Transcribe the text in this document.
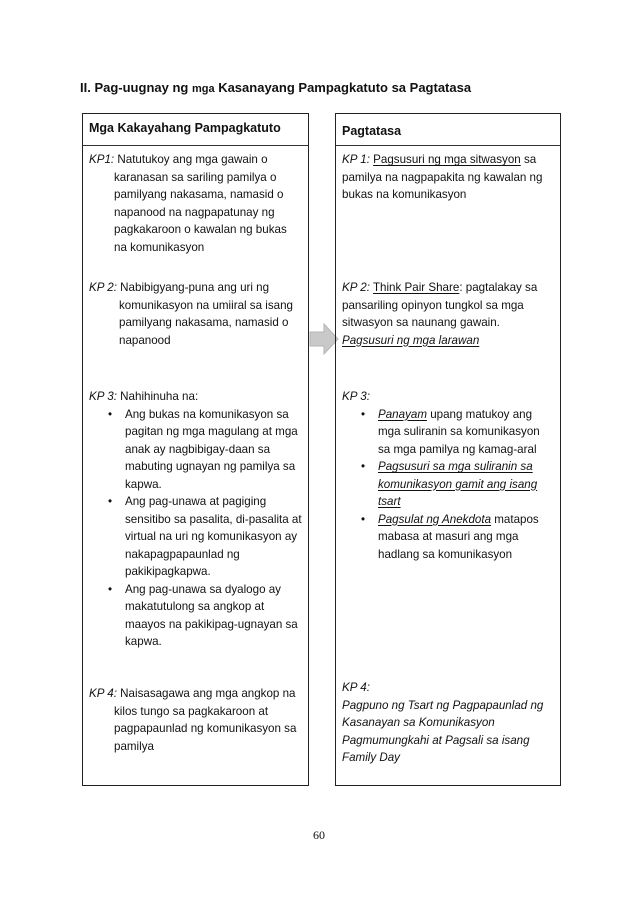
II. Pag-uugnay ng mga Kasanayang Pampagkatuto sa Pagtatasa
Mga Kakayahang Pampagkatuto
KP1: Natutukoy ang mga gawain o karanasan sa sariling pamilya o pamilyang nakasama, namasid o napanood na nagpapatunay ng pagkakaroon o kawalan ng bukas na komunikasyon
KP 2: Nabibigyang-puna ang uri ng komunikasyon na umiiral sa isang pamilyang nakasama, namasid o napanood
KP 3: Nahihinuha na:
• Ang bukas na komunikasyon sa pagitan ng mga magulang at mga anak ay nagbibigay-daan sa mabuting ugnayan ng pamilya sa kapwa.
• Ang pag-unawa at pagiging sensitibo sa pasalita, di-pasalita at virtual na uri ng komunikasyon ay nakapagpapaunlad ng pakikipagkapwa.
• Ang pag-unawa sa dyalogo ay makatutulong sa angkop at maayos na pakikipag-ugnayan sa kapwa.
KP 4: Naisasagawa ang mga angkop na kilos tungo sa pagkakaroon at pagpapaunlad ng komunikasyon sa pamilya
Pagtatasa
KP 1: Pagsusuri ng mga sitwasyon sa pamilya na nagpapakita ng kawalan ng bukas na komunikasyon
KP 2: Think Pair Share: pagtalakay sa pansariling opinyon tungkol sa mga sitwasyon sa naunang gawain.
Pagsusuri ng mga larawan
KP 3:
• Panayam upang matukoy ang mga suliranin sa komunikasyon sa mga pamilya ng kamag-aral
• Pagsusuri sa mga suliranin sa komunikasyon gamit ang isang tsart
• Pagsulat ng Anekdota matapos mabasa at masuri ang mga hadlang sa komunikasyon
KP 4:
Pagpuno ng Tsart ng Pagpapaunlad ng Kasanayan sa Komunikasyon Pagmumungkahi at Pagsali sa isang Family Day
60
